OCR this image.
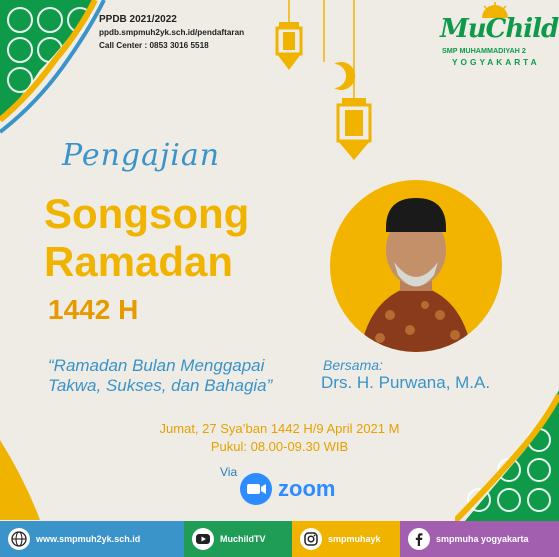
PPDB 2021/2022
ppdb.smpmuh2yk.sch.id/pendaftaran
Call Center : 0853 3016 5518
MuChild
SMP MUHAMMADIYAH 2
YOGYAKARTA
Pengajian
Songsong
Ramadan
1442 H
“Ramadan Bulan Menggapai
Takwa, Sukses, dan Bahagia”
Bersama:
Drs. H. Purwana, M.A.
Jumat, 27 Sya’ban 1442 H/9 April 2021 M
Pukul: 08.00-09.30 WIB
Via
zoom
www.smpmuh2yk.sch.id	MuchildTV	smpmuhayk	smpmuha yogyakarta
